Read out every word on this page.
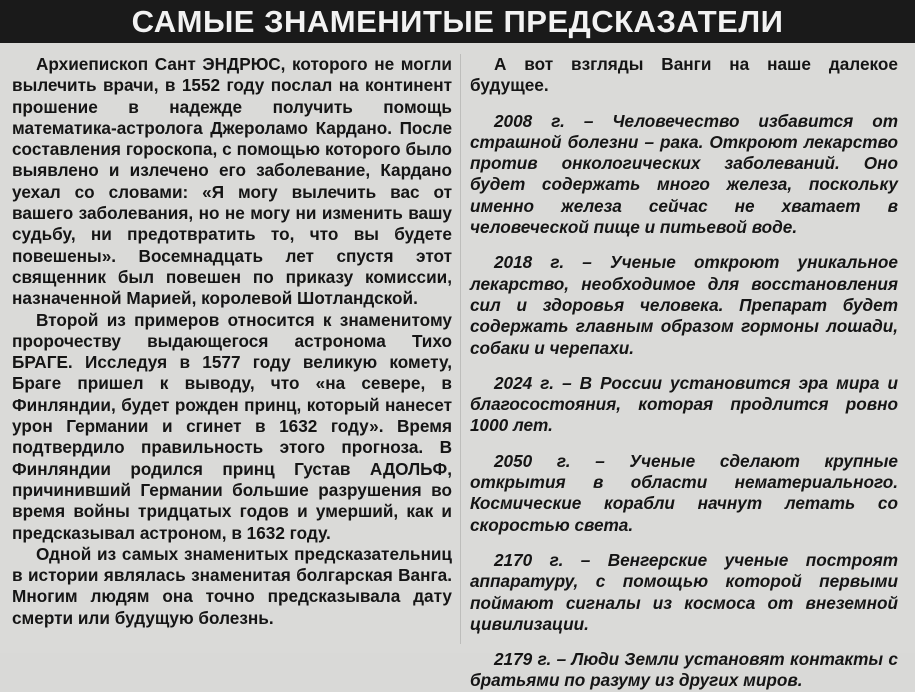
САМЫЕ ЗНАМЕНИТЫЕ ПРЕДСКАЗАТЕЛИ

Архиепископ Сант ЭНДРЮС, которого не могли вылечить врачи, в 1552 году послал на континент прошение в надежде получить помощь математика-астролога Джероламо Кардано. После составления гороскопа, с помощью которого было выявлено и излечено его заболевание, Кардано уехал со словами: «Я могу вылечить вас от вашего заболевания, но не могу ни изменить вашу судьбу, ни предотвратить то, что вы будете повешены». Восемнадцать лет спустя этот священник был повешен по приказу комиссии, назначенной Марией, королевой Шотландской.

Второй из примеров относится к знаменитому пророчеству выдающегося астронома Тихо БРАГЕ. Исследуя в 1577 году великую комету, Браге пришел к выводу, что «на севере, в Финляндии, будет рожден принц, который нанесет урон Германии и сгинет в 1632 году». Время подтвердило правильность этого прогноза. В Финляндии родился принц Густав АДОЛЬФ, причинивший Германии большие разрушения во время войны тридцатых годов и умерший, как и предсказывал астроном, в 1632 году.

Одной из самых знаменитых предсказательниц в истории являлась знаменитая болгарская Ванга. Многим людям она точно предсказывала дату смерти или будущую болезнь.

А вот взгляды Ванги на наше далекое будущее.

2008 г. – Человечество избавится от страшной болезни – рака. Откроют лекарство против онкологических заболеваний. Оно будет содержать много железа, поскольку именно железа сейчас не хватает в человеческой пище и питьевой воде.

2018 г. – Ученые откроют уникальное лекарство, необходимое для восстановления сил и здоровья человека. Препарат будет содержать главным образом гормоны лошади, собаки и черепахи.

2024 г. – В России установится эра мира и благосостояния, которая продлится ровно 1000 лет.

2050 г. – Ученые сделают крупные открытия в области нематериального. Космические корабли начнут летать со скоростью света.

2170 г. – Венгерские ученые построят аппаратуру, с помощью которой первыми поймают сигналы из космоса от внеземной цивилизации.

2179 г. – Люди Земли установят контакты с братьями по разуму из других миров.
